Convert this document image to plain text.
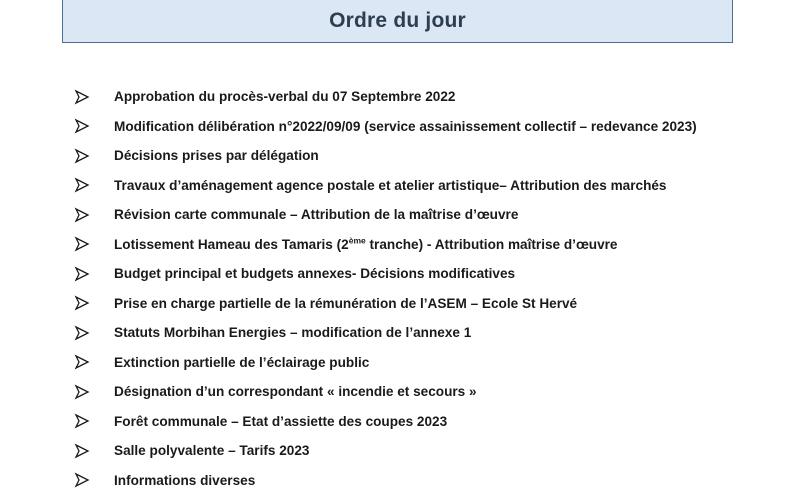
Ordre du jour
Approbation du procès-verbal du 07 Septembre 2022
Modification délibération n°2022/09/09 (service assainissement collectif – redevance 2023)
Décisions prises par délégation
Travaux d’aménagement agence postale et atelier artistique– Attribution des marchés
Révision carte communale – Attribution de la maîtrise d’œuvre
Lotissement Hameau des Tamaris (2ème tranche) - Attribution maîtrise d’œuvre
Budget principal et budgets annexes- Décisions modificatives
Prise en charge partielle de la rémunération de l’ASEM – Ecole St Hervé
Statuts Morbihan Energies – modification de l’annexe 1
Extinction partielle de l’éclairage public
Désignation d’un correspondant « incendie et secours »
Forêt communale – Etat d’assiette des coupes 2023
Salle polyvalente – Tarifs 2023
Informations diverses
